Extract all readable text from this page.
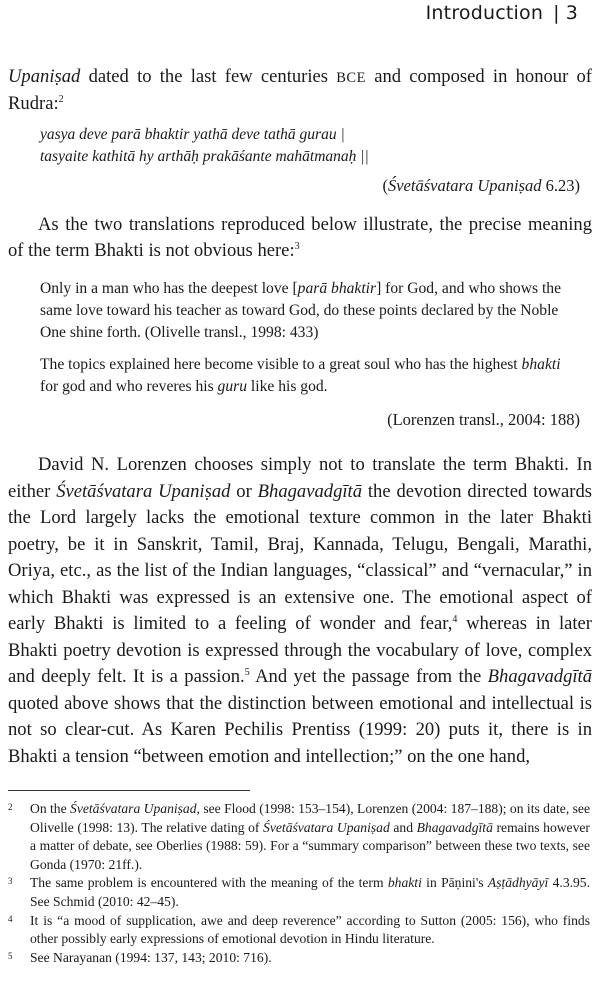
Introduction | 3
Upaniṣad dated to the last few centuries BCE and composed in honour of Rudra:$^2$
yasya deve parā bhaktir yathā deve tathā gurau |
tasyaite kathitā hy arthāḥ prakāśante mahātmanaḥ ||
(Śvetāśvatara Upaniṣad 6.23)
As the two translations reproduced below illustrate, the precise meaning of the term Bhakti is not obvious here:$^3$
Only in a man who has the deepest love [parā bhaktir] for God, and who shows the same love toward his teacher as toward God, do these points declared by the Noble One shine forth. (Olivelle transl., 1998: 433)
The topics explained here become visible to a great soul who has the highest bhakti for god and who reveres his guru like his god.
(Lorenzen transl., 2004: 188)
David N. Lorenzen chooses simply not to translate the term Bhakti. In either Śvetāśvatara Upaniṣad or Bhagavadgītā the devotion directed towards the Lord largely lacks the emotional texture common in the later Bhakti poetry, be it in Sanskrit, Tamil, Braj, Kannada, Telugu, Bengali, Marathi, Oriya, etc., as the list of the Indian languages, “classical” and “vernacular,” in which Bhakti was expressed is an extensive one. The emotional aspect of early Bhakti is limited to a feeling of wonder and fear,$^4$ whereas in later Bhakti poetry devotion is expressed through the vocabulary of love, complex and deeply felt. It is a passion.$^5$ And yet the passage from the Bhagavadgītā quoted above shows that the distinction between emotional and intellectual is not so clear-cut. As Karen Pechilis Prentiss (1999: 20) puts it, there is in Bhakti a tension “between emotion and intellection;” on the one hand,

2 On the Śvetāśvatara Upaniṣad, see Flood (1998: 153–154), Lorenzen (2004: 187–188); on its date, see Olivelle (1998: 13). The relative dating of Śvetāśvatara Upaniṣad and Bhagavadgītā remains however a matter of debate, see Oberlies (1988: 59). For a “summary comparison” between these two texts, see Gonda (1970: 21ff.).

3 The same problem is encountered with the meaning of the term bhakti in Pāṇini's Aṣṭādhyāyī 4.3.95. See Schmid (2010: 42–45).

4 It is “a mood of supplication, awe and deep reverence” according to Sutton (2005: 156), who finds other possibly early expressions of emotional devotion in Hindu literature.

5 See Narayanan (1994: 137, 143; 2010: 716).
